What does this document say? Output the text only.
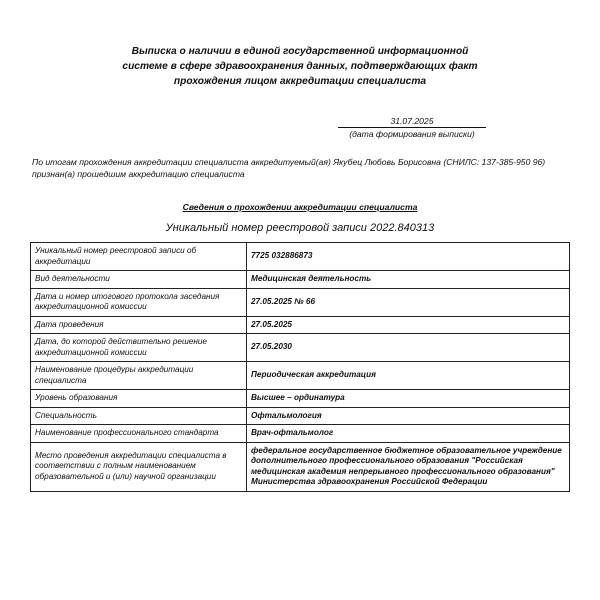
Выписка о наличии в единой государственной информационной
системе в сфере здравоохранения данных, подтверждающих факт
прохождения лицом аккредитации специалиста
31.07.2025
(дата формирования выписки)
По итогам прохождения аккредитации специалиста аккредитуемый(ая) Якубец Любовь Борисовна (СНИЛС: 137-385-950 96) признан(а) прошедшим аккредитацию специалиста
Сведения о прохождении аккредитации специалиста
Уникальный номер реестровой записи 2022.840313
Уникальный номер реестровой записи об аккредитации	7725 032886873
Вид деятельности	Медицинская деятельность
Дата и номер итогового протокола заседания аккредитационной комиссии	27.05.2025 № 66
Дата проведения	27.05.2025
Дата, до которой действительно решение аккредитационной комиссии	27.05.2030
Наименование процедуры аккредитации специалиста	Периодическая аккредитация
Уровень образования	Высшее – ординатура
Специальность	Офтальмология
Наименование профессионального стандарта	Врач-офтальмолог
Место проведения аккредитации специалиста в соответствии с полным наименованием образовательной и (или) научной организации	федеральное государственное бюджетное образовательное учреждение дополнительного профессионального образования "Российская медицинская академия непрерывного профессионального образования" Министерства здравоохранения Российской Федерации
